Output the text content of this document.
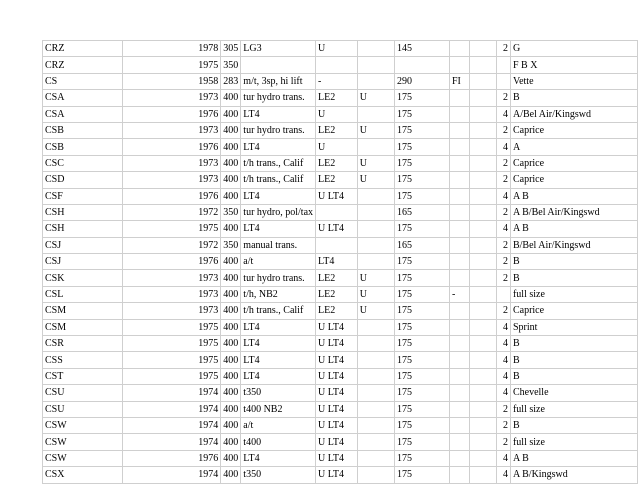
CRZ	1978	305	LG3	U		145			2	G
CRZ	1975	350								F B X
CS	1958	283	m/t, 3sp, hi lift	-		290	FI			Vette
CSA	1973	400	tur hydro trans.	LE2	U	175			2	B
CSA	1976	400	LT4	U		175			4	A/Bel Air/Kingswd
CSB	1973	400	tur hydro trans.	LE2	U	175			2	Caprice
CSB	1976	400	LT4	U		175			4	A
CSC	1973	400	t/h trans., Calif	LE2	U	175			2	Caprice
CSD	1973	400	t/h trans., Calif	LE2	U	175			2	Caprice
CSF	1976	400	LT4	U LT4		175			4	A B
CSH	1972	350	tur hydro, pol/tax			165			2	A B/Bel Air/Kingswd
CSH	1975	400	LT4	U LT4		175			4	A B
CSJ	1972	350	manual trans.			165			2	B/Bel Air/Kingswd
CSJ	1976	400	a/t	LT4		175			2	B
CSK	1973	400	tur hydro trans.	LE2	U	175			2	B
CSL	1973	400	t/h, NB2	LE2	U	175	-			full size
CSM	1973	400	t/h trans., Calif	LE2	U	175			2	Caprice
CSM	1975	400	LT4	U LT4		175			4	Sprint
CSR	1975	400	LT4	U LT4		175			4	B
CSS	1975	400	LT4	U LT4		175			4	B
CST	1975	400	LT4	U LT4		175			4	B
CSU	1974	400	t350	U LT4		175			4	Chevelle
CSU	1974	400	t400 NB2	U LT4		175			2	full size
CSW	1974	400	a/t	U LT4		175			2	B
CSW	1974	400	t400	U LT4		175			2	full size
CSW	1976	400	LT4	U LT4		175			4	A B
CSX	1974	400	t350	U LT4		175			4	A B/Kingswd
